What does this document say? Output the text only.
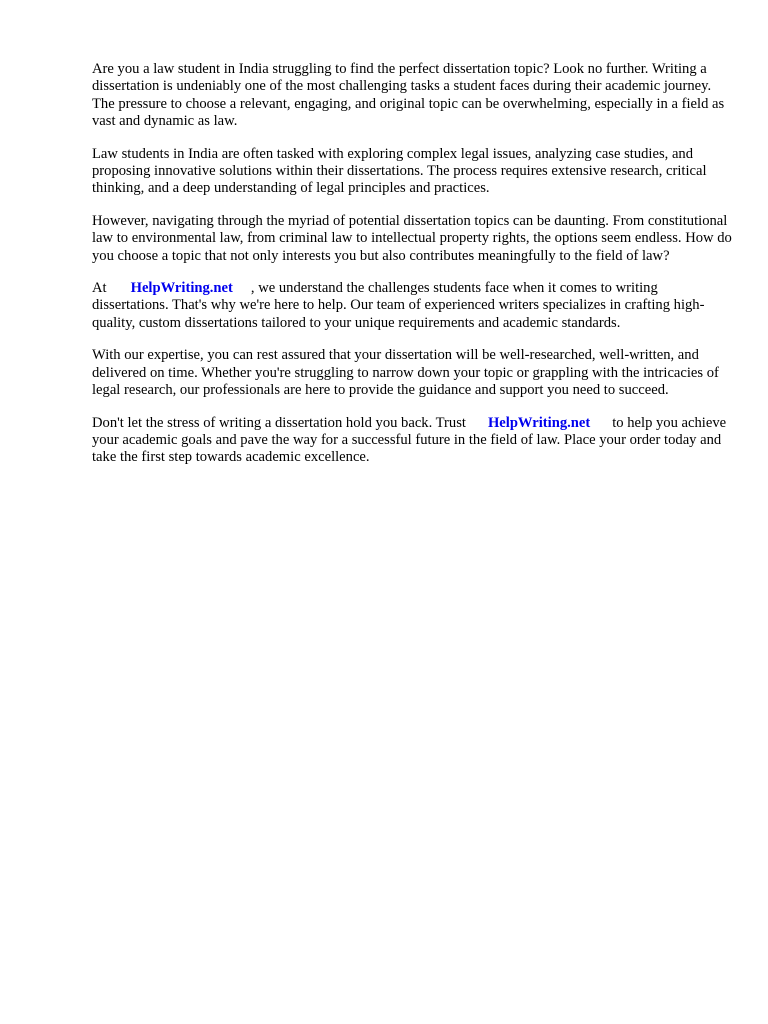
Are you a law student in India struggling to find the perfect dissertation topic? Look no further. Writing a dissertation is undeniably one of the most challenging tasks a student faces during their academic journey. The pressure to choose a relevant, engaging, and original topic can be overwhelming, especially in a field as vast and dynamic as law.

Law students in India are often tasked with exploring complex legal issues, analyzing case studies, and proposing innovative solutions within their dissertations. The process requires extensive research, critical thinking, and a deep understanding of legal principles and practices.

However, navigating through the myriad of potential dissertation topics can be daunting. From constitutional law to environmental law, from criminal law to intellectual property rights, the options seem endless. How do you choose a topic that not only interests you but also contributes meaningfully to the field of law?

At HelpWriting.net , we understand the challenges students face when it comes to writing dissertations. That's why we're here to help. Our team of experienced writers specializes in crafting high-quality, custom dissertations tailored to your unique requirements and academic standards.

With our expertise, you can rest assured that your dissertation will be well-researched, well-written, and delivered on time. Whether you're struggling to narrow down your topic or grappling with the intricacies of legal research, our professionals are here to provide the guidance and support you need to succeed.

Don't let the stress of writing a dissertation hold you back. Trust HelpWriting.net to help you achieve your academic goals and pave the way for a successful future in the field of law. Place your order today and take the first step towards academic excellence.
